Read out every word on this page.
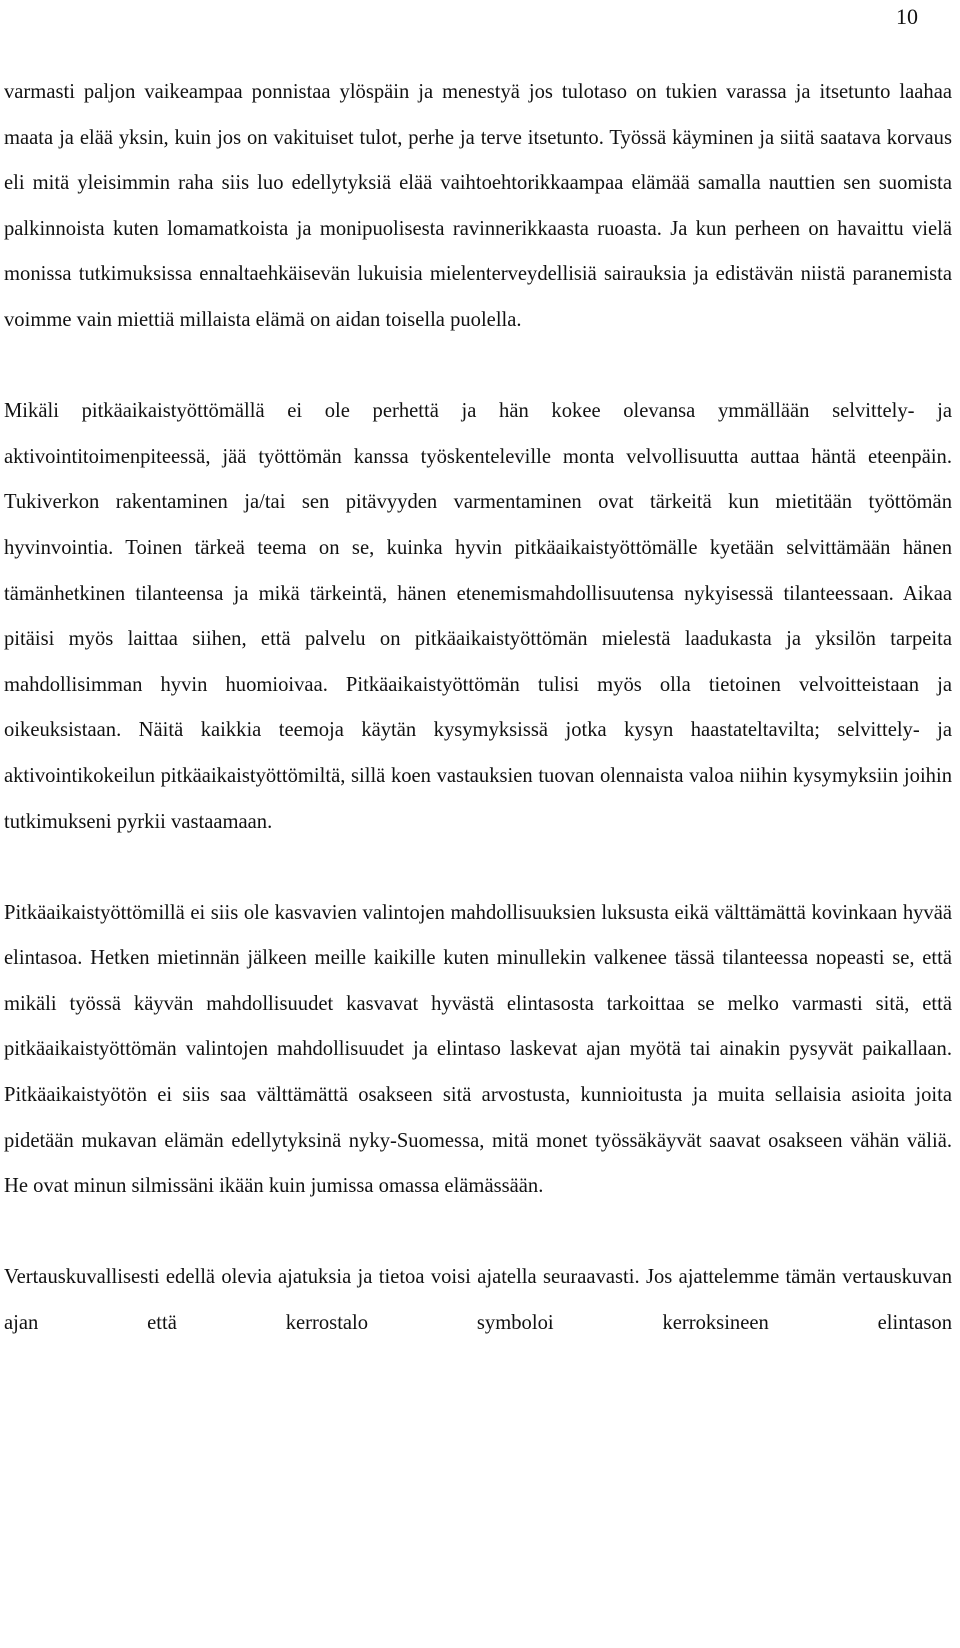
10

varmasti paljon vaikeampaa ponnistaa ylöspäin ja menestyä jos tulotaso on tukien varassa ja itsetunto laahaa maata ja elää yksin, kuin jos on vakituiset tulot, perhe ja terve itsetunto. Työssä käyminen ja siitä saatava korvaus eli mitä yleisimmin raha siis luo edellytyksiä elää vaihtoehtorikkaampaa elämää samalla nauttien sen suomista palkinnoista kuten lomamatkoista ja monipuolisesta ravinnerikkaasta ruoasta. Ja kun perheen on havaittu vielä monissa tutkimuksissa ennaltaehkäisevän lukuisia mielenterveydellisiä sairauksia ja edistävän niistä paranemista voimme vain miettiä millaista elämä on aidan toisella puolella.

Mikäli pitkäaikaistyöttömällä ei ole perhettä ja hän kokee olevansa ymmällään selvittely- ja aktivointitoimenpiteessä, jää työttömän kanssa työskenteleville monta velvollisuutta auttaa häntä eteenpäin. Tukiverkon rakentaminen ja/tai sen pitävyyden varmentaminen ovat tärkeitä kun mietitään työttömän hyvinvointia. Toinen tärkeä teema on se, kuinka hyvin pitkäaikaistyöttömälle kyetään selvittämään hänen tämänhetkinen tilanteensa ja mikä tärkeintä, hänen etenemismahdollisuutensa nykyisessä tilanteessaan. Aikaa pitäisi myös laittaa siihen, että palvelu on pitkäaikaistyöttömän mielestä laadukasta ja yksilön tarpeita mahdollisimman hyvin huomioivaa. Pitkäaikaistyöttömän tulisi myös olla tietoinen velvoitteistaan ja oikeuksistaan. Näitä kaikkia teemoja käytän kysymyksissä jotka kysyn haastateltavilta; selvittely- ja aktivointikokeilun pitkäaikaistyöttömiltä, sillä koen vastauksien tuovan olennaista valoa niihin kysymyksiin joihin tutkimukseni pyrkii vastaamaan.

Pitkäaikaistyöttömillä ei siis ole kasvavien valintojen mahdollisuuksien luksusta eikä välttämättä kovinkaan hyvää elintasoa. Hetken mietinnän jälkeen meille kaikille kuten minullekin valkenee tässä tilanteessa nopeasti se, että mikäli työssä käyvän mahdollisuudet kasvavat hyvästä elintasosta tarkoittaa se melko varmasti sitä, että pitkäaikaistyöttömän valintojen mahdollisuudet ja elintaso laskevat ajan myötä tai ainakin pysyvät paikallaan. Pitkäaikaistyötön ei siis saa välttämättä osakseen sitä arvostusta, kunnioitusta ja muita sellaisia asioita joita pidetään mukavan elämän edellytyksinä nyky-Suomessa, mitä monet työssäkäyvät saavat osakseen vähän väliä. He ovat minun silmissäni ikään kuin jumissa omassa elämässään.

Vertauskuvallisesti edellä olevia ajatuksia ja tietoa voisi ajatella seuraavasti. Jos ajattelemme tämän vertauskuvan ajan että kerrostalo symboloi kerroksineen elintason
